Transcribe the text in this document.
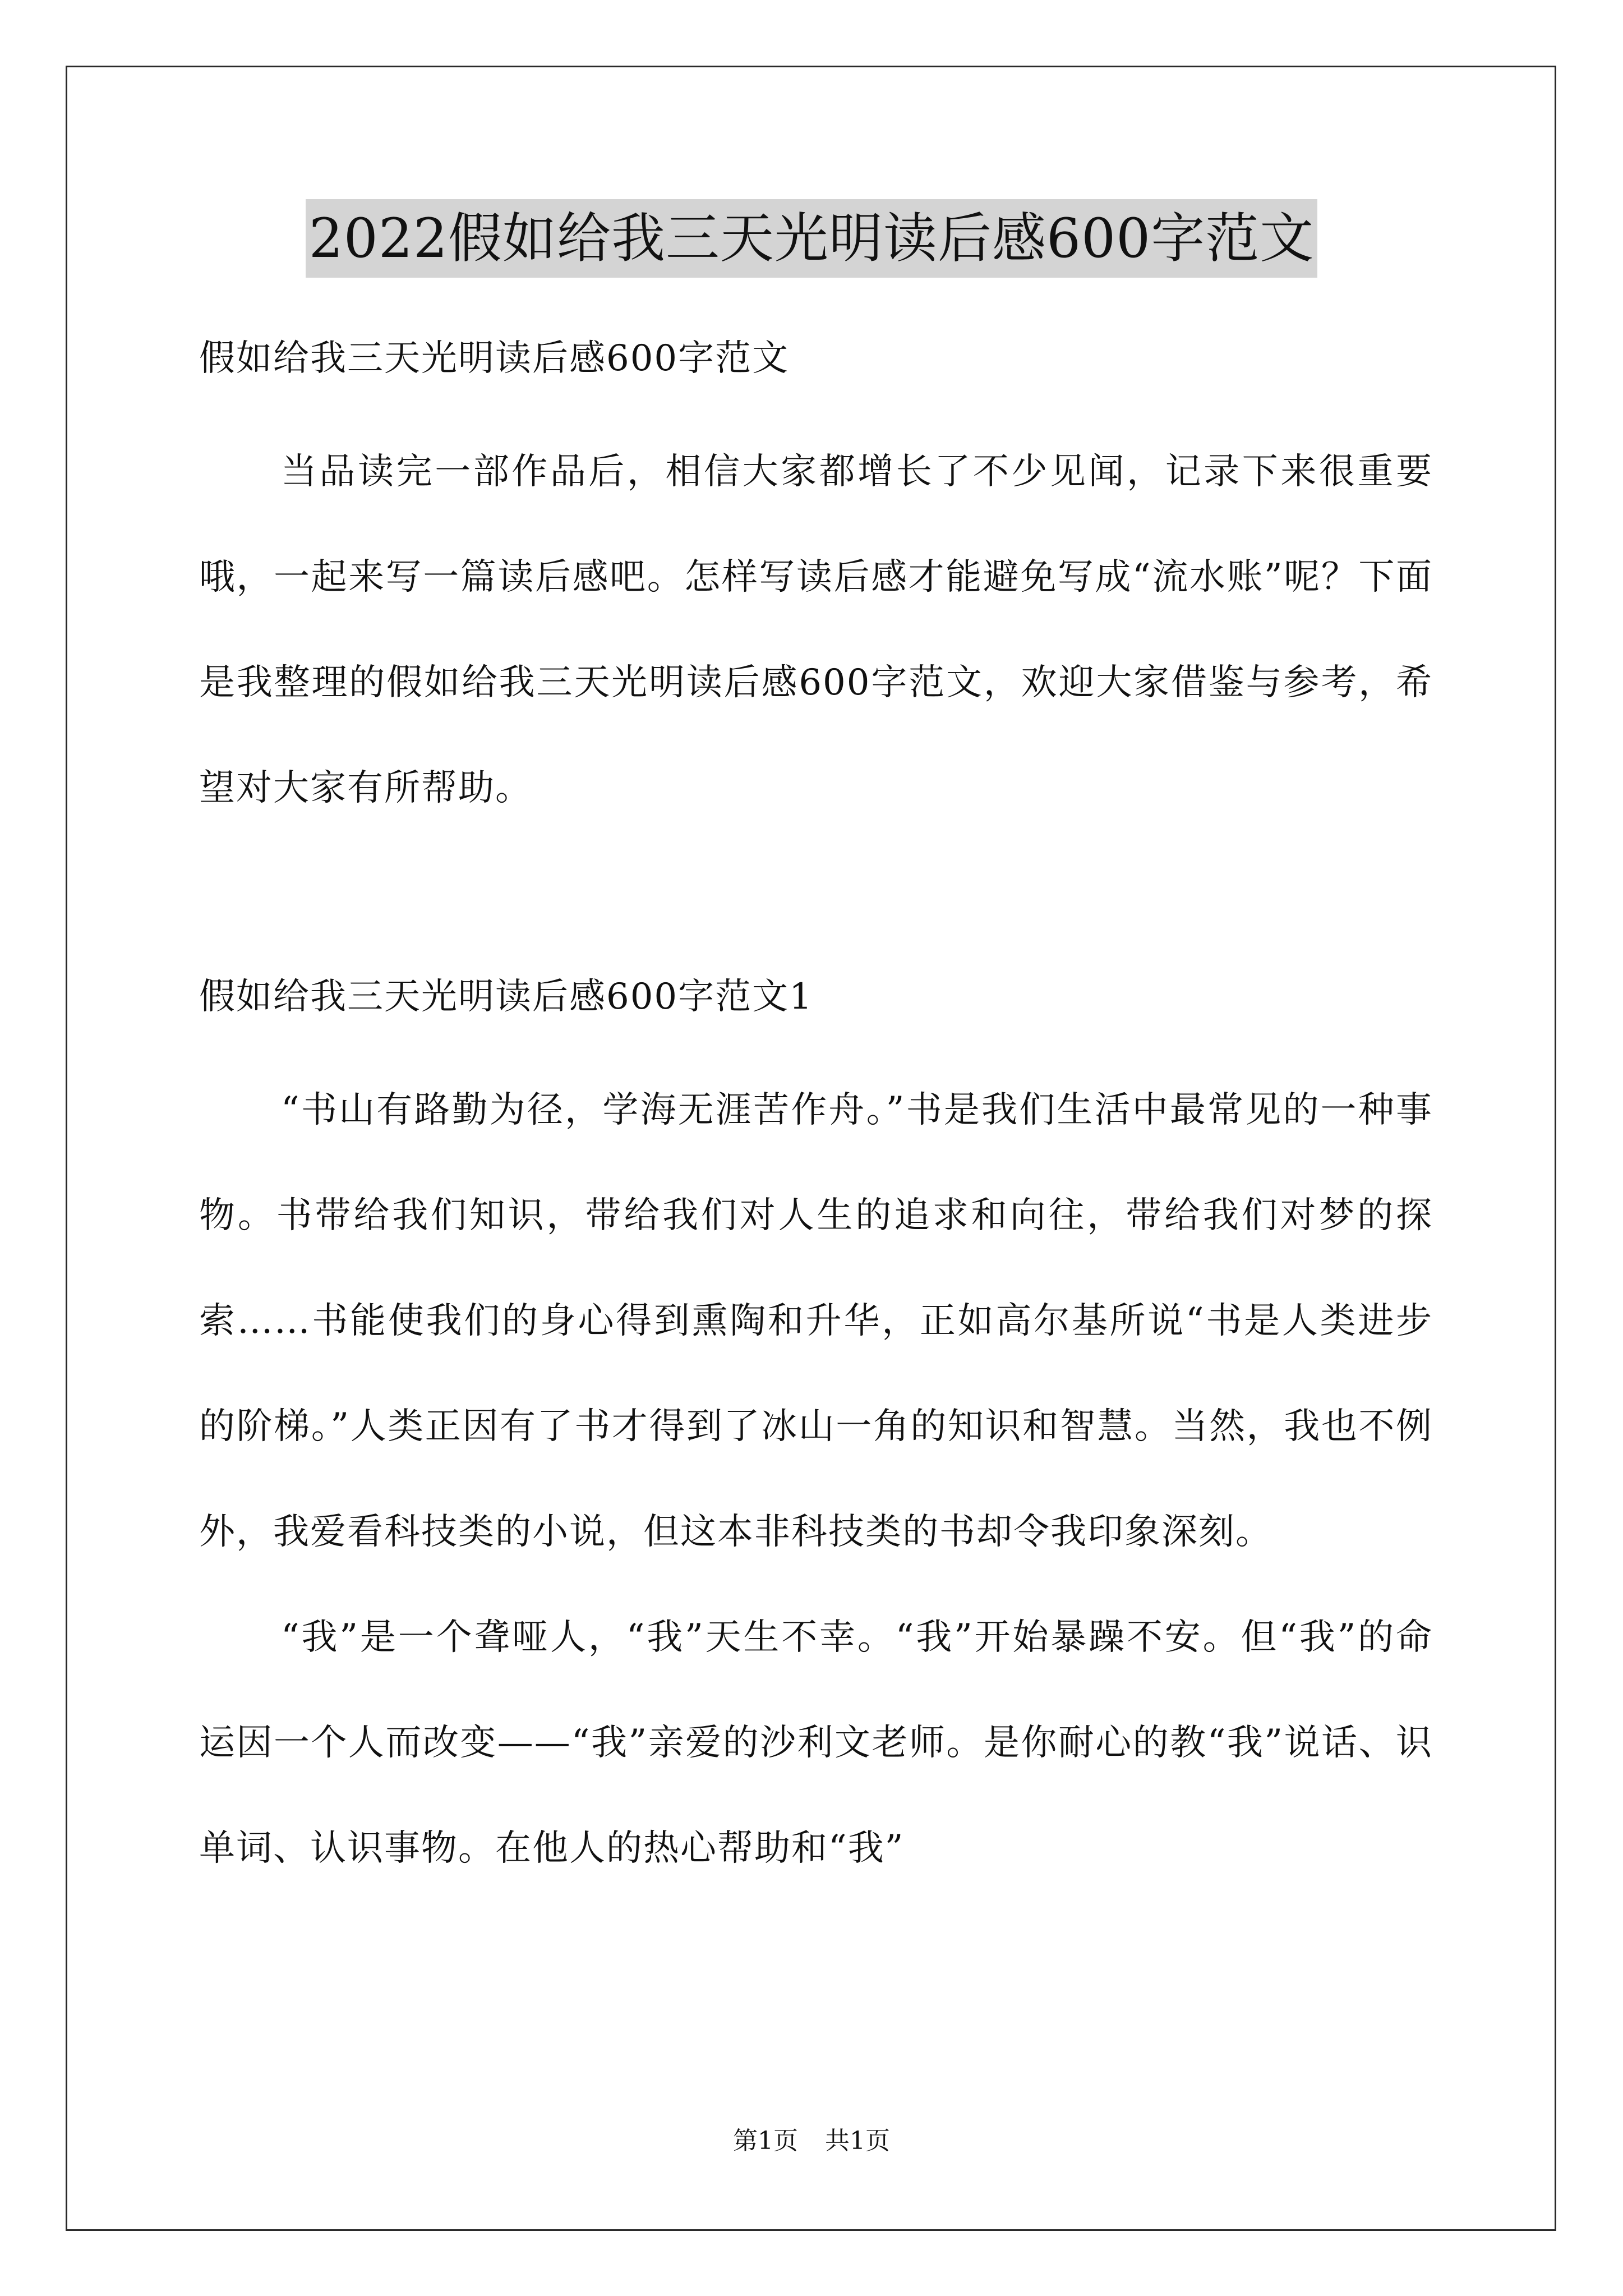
2022假如给我三天光明读后感600字范文

假如给我三天光明读后感600字范文

当品读完一部作品后，相信大家都增长了不少见闻，记录下来很重要哦，一起来写一篇读后感吧。怎样写读后感才能避免写成“流水账”呢？下面是我整理的假如给我三天光明读后感600字范文，欢迎大家借鉴与参考，希望对大家有所帮助。

假如给我三天光明读后感600字范文1

“书山有路勤为径，学海无涯苦作舟。”书是我们生活中最常见的一种事物。书带给我们知识，带给我们对人生的追求和向往，带给我们对梦的探索……书能使我们的身心得到熏陶和升华，正如高尔基所说“书是人类进步的阶梯。”人类正因有了书才得到了冰山一角的知识和智慧。当然，我也不例外，我爱看科技类的小说，但这本非科技类的书却令我印象深刻。

“我”是一个聋哑人，“我”天生不幸。“我”开始暴躁不安。但“我”的命运因一个人而改变——“我”亲爱的沙利文老师。是你耐心的教“我”说话、识单词、认识事物。在他人的热心帮助和“我”

第1页 共1页
